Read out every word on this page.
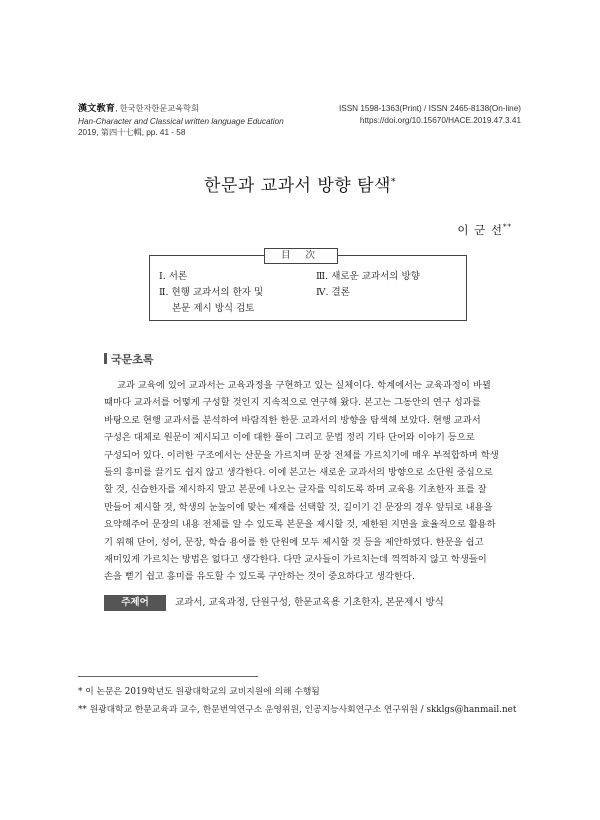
漢文敎育, 한국한자한문교육학회
Han-Character and Classical written language Education
2019, 第四十七輯, pp. 41 - 58
ISSN 1598-1363(Print) / ISSN 2465-8138(On-line)
https://doi.org/10.15670/HACE.2019.47.3.41
한문과 교과서 방향 탐색*
이 군 선**
目 次
Ⅰ. 서론
Ⅱ. 현행 교과서의 한자 및
본문 제시 방식 검토
Ⅲ. 새로운 교과서의 방향
Ⅳ. 결론
국문초록
교과 교육에 있어 교과서는 교육과정을 구현하고 있는 실체이다. 학계에서는 교육과정이 바뀔
때마다 교과서를 어떻게 구성할 것인지 지속적으로 연구해 왔다. 본고는 그동안의 연구 성과를
바탕으로 현행 교과서를 분석하여 바람직한 한문 교과서의 방향을 탐색해 보았다. 현행 교과서
구성은 대체로 원문이 제시되고 이에 대한 풀이 그리고 문법 정리 기타 단어와 이야기 등으로
구성되어 있다. 이러한 구조에서는 산문을 가르치며 문장 전체를 가르치기에 매우 부적합하며 학생
들의 흥미를 끌기도 쉽지 않고 생각한다. 이에 본고는 새로운 교과서의 방향으로 소단원 중심으로
할 것, 신습한자를 제시하지 말고 본문에 나오는 글자를 익히도록 하며 교육용 기초한자 표를 잘
만들어 제시할 것, 학생의 눈높이에 맞는 제재를 선택할 것, 길이기 긴 문장의 경우 앞뒤로 내용을
요약해주어 문장의 내용 전체를 알 수 있도록 본문을 제시할 것, 제한된 지면을 효율적으로 활용하
기 위해 단어, 성어, 문장, 학습 용어를 한 단원에 모두 제시할 것 등을 제안하였다. 한문을 쉽고
재미있게 가르치는 방법은 없다고 생각한다. 다만 교사들이 가르치는데 꺽꺽하지 않고 학생들이
손을 뻗기 쉽고 흥미를 유도할 수 있도록 구안하는 것이 중요하다고 생각한다.
주제어	교과서, 교육과정, 단원구성, 한문교육용 기초한자, 본문제시 방식
* 이 논문은 2019학년도 원광대학교의 교비지원에 의해 수행됨
** 원광대학교 한문교육과 교수, 한문번역연구소 운영위원, 인공지능사회연구소 연구위원 / skklgs@hanmail.net
